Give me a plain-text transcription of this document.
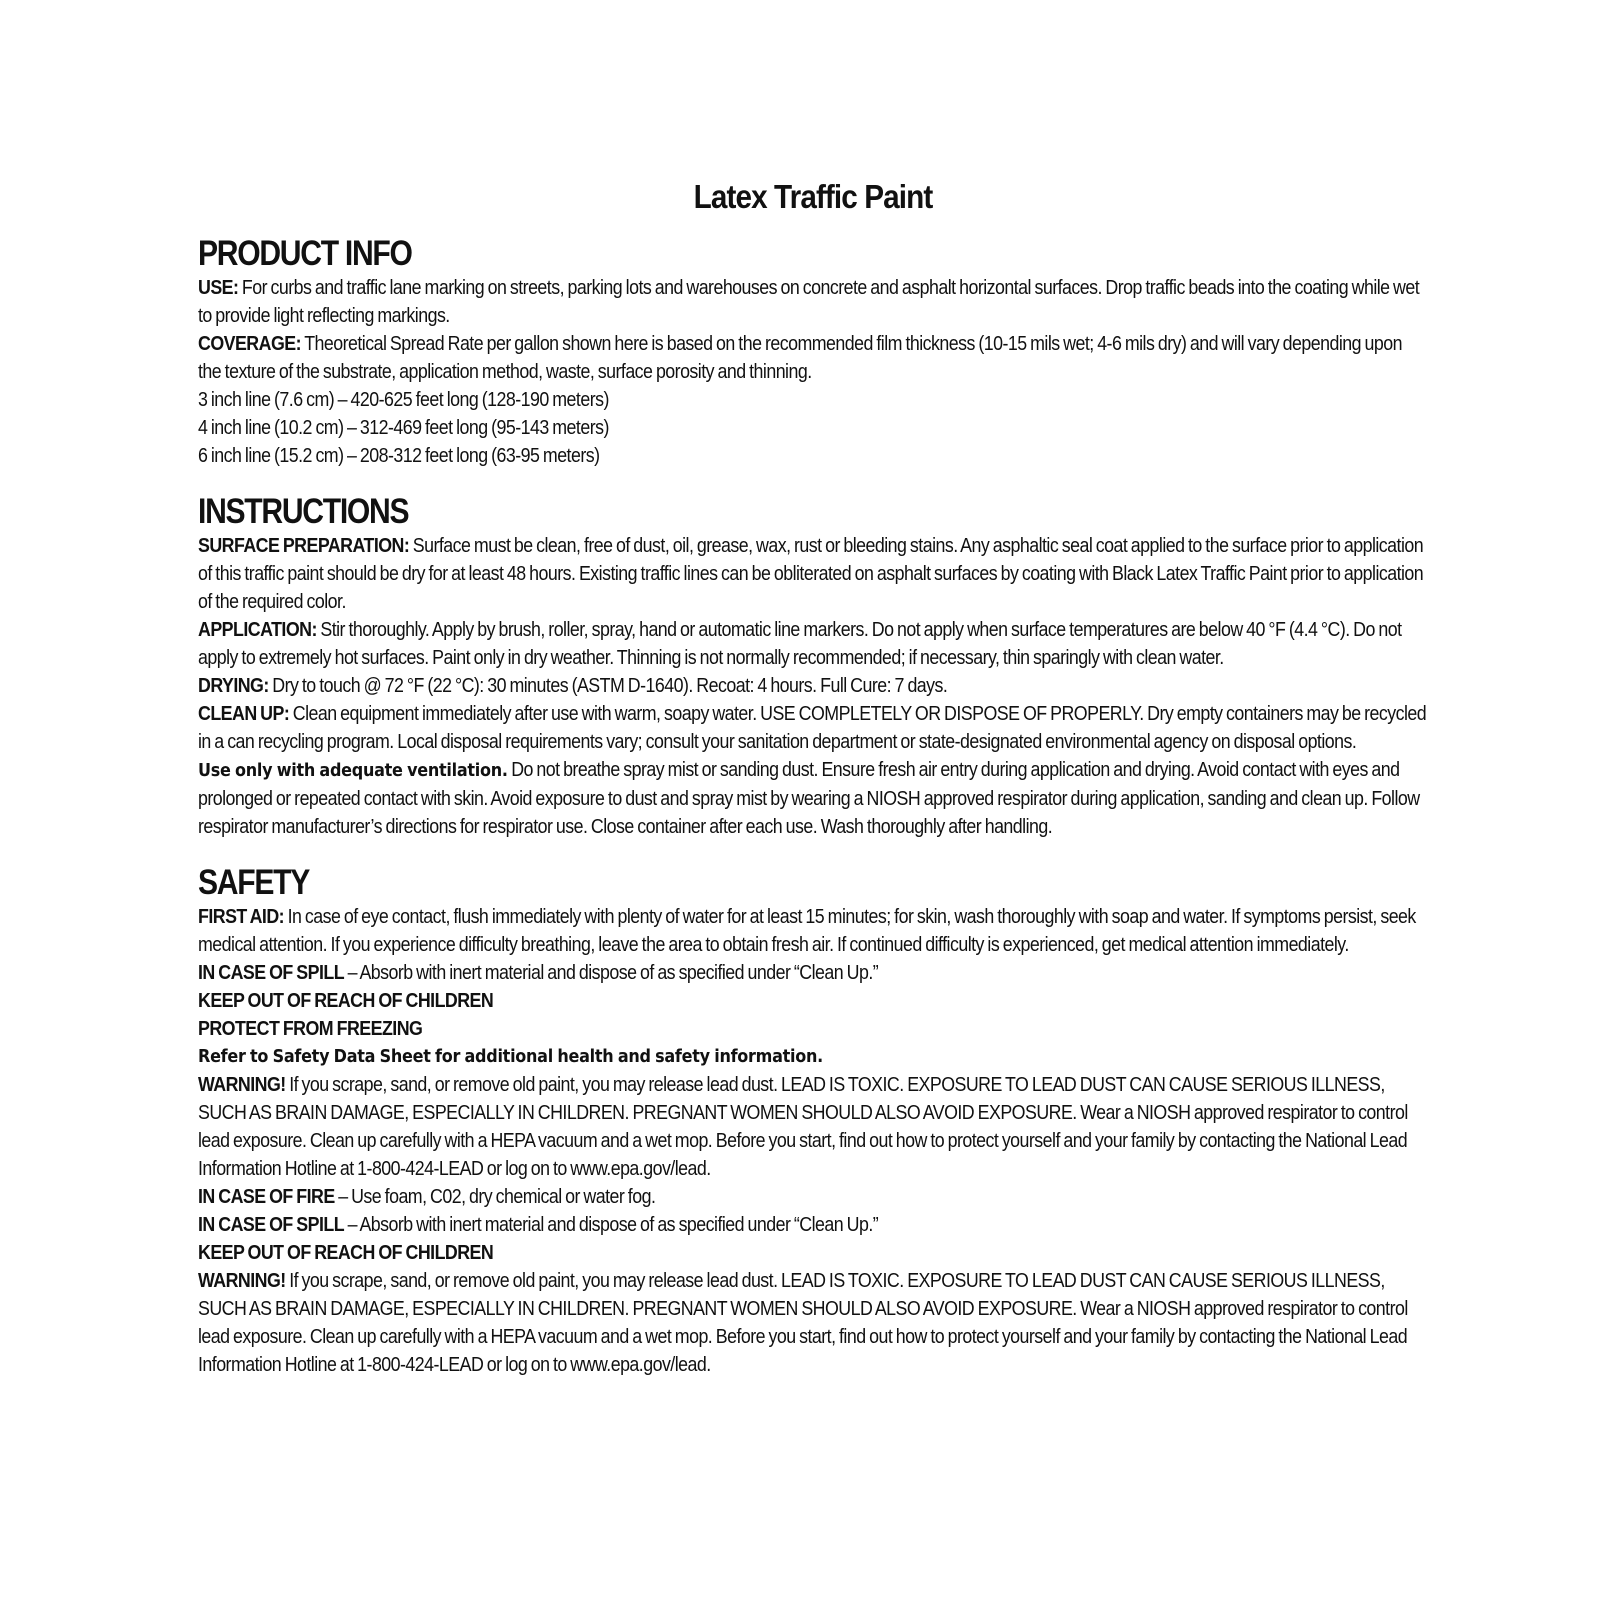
Latex Traffic Paint
PRODUCT INFO

USE: For curbs and traffic lane marking on streets, parking lots and warehouses on concrete and asphalt horizontal surfaces. Drop traffic beads into the coating while wet to provide light reflecting markings.

COVERAGE: Theoretical Spread Rate per gallon shown here is based on the recommended film thickness (10-15 mils wet; 4-6 mils dry) and will vary depending upon the texture of the substrate, application method, waste, surface porosity and thinning.

3 inch line (7.6 cm) – 420-625 feet long (128-190 meters)

4 inch line (10.2 cm) – 312-469 feet long (95-143 meters)

6 inch line (15.2 cm) – 208-312 feet long (63-95 meters)

INSTRUCTIONS

SURFACE PREPARATION: Surface must be clean, free of dust, oil, grease, wax, rust or bleeding stains. Any asphaltic seal coat applied to the surface prior to application of this traffic paint should be dry for at least 48 hours. Existing traffic lines can be obliterated on asphalt surfaces by coating with Black Latex Traffic Paint prior to application of the required color.

APPLICATION: Stir thoroughly. Apply by brush, roller, spray, hand or automatic line markers. Do not apply when surface temperatures are below 40 °F (4.4 °C). Do not apply to extremely hot surfaces. Paint only in dry weather. Thinning is not normally recommended; if necessary, thin sparingly with clean water.

DRYING: Dry to touch @ 72 °F (22 °C): 30 minutes (ASTM D-1640). Recoat: 4 hours. Full Cure: 7 days.

CLEAN UP: Clean equipment immediately after use with warm, soapy water. USE COMPLETELY OR DISPOSE OF PROPERLY. Dry empty containers may be recycled in a can recycling program. Local disposal requirements vary; consult your sanitation department or state-designated environmental agency on disposal options.

Use only with adequate ventilation. Do not breathe spray mist or sanding dust. Ensure fresh air entry during application and drying. Avoid contact with eyes and prolonged or repeated contact with skin. Avoid exposure to dust and spray mist by wearing a NIOSH approved respirator during application, sanding and clean up. Follow respirator manufacturer’s directions for respirator use. Close container after each use. Wash thoroughly after handling.

SAFETY

FIRST AID: In case of eye contact, flush immediately with plenty of water for at least 15 minutes; for skin, wash thoroughly with soap and water. If symptoms persist, seek medical attention. If you experience difficulty breathing, leave the area to obtain fresh air. If continued difficulty is experienced, get medical attention immediately.

IN CASE OF SPILL – Absorb with inert material and dispose of as specified under “Clean Up.”

KEEP OUT OF REACH OF CHILDREN

PROTECT FROM FREEZING

Refer to Safety Data Sheet for additional health and safety information.

WARNING! If you scrape, sand, or remove old paint, you may release lead dust. LEAD IS TOXIC. EXPOSURE TO LEAD DUST CAN CAUSE SERIOUS ILLNESS, SUCH AS BRAIN DAMAGE, ESPECIALLY IN CHILDREN. PREGNANT WOMEN SHOULD ALSO AVOID EXPOSURE. Wear a NIOSH approved respirator to control lead exposure. Clean up carefully with a HEPA vacuum and a wet mop. Before you start, find out how to protect yourself and your family by contacting the National Lead Information Hotline at 1-800-424-LEAD or log on to www.epa.gov/lead.

IN CASE OF FIRE – Use foam, C02, dry chemical or water fog.

IN CASE OF SPILL – Absorb with inert material and dispose of as specified under “Clean Up.”

KEEP OUT OF REACH OF CHILDREN

WARNING! If you scrape, sand, or remove old paint, you may release lead dust. LEAD IS TOXIC. EXPOSURE TO LEAD DUST CAN CAUSE SERIOUS ILLNESS, SUCH AS BRAIN DAMAGE, ESPECIALLY IN CHILDREN. PREGNANT WOMEN SHOULD ALSO AVOID EXPOSURE. Wear a NIOSH approved respirator to control lead exposure. Clean up carefully with a HEPA vacuum and a wet mop. Before you start, find out how to protect yourself and your family by contacting the National Lead Information Hotline at 1-800-424-LEAD or log on to www.epa.gov/lead.
